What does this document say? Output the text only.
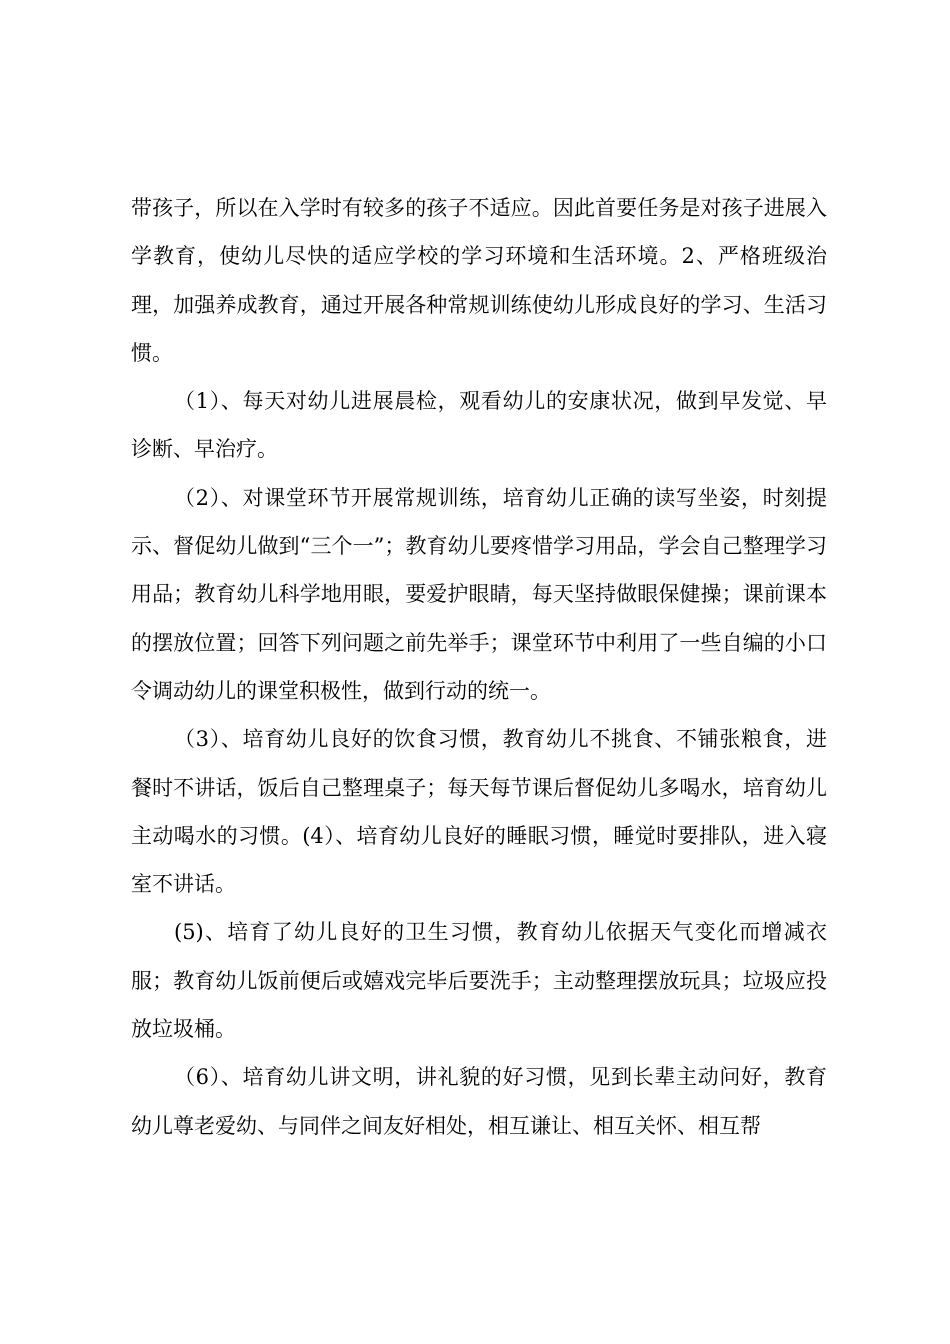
带孩子，所以在入学时有较多的孩子不适应。因此首要任务是对孩子进展入学教育，使幼儿尽快的适应学校的学习环境和生活环境。2、严格班级治理，加强养成教育，通过开展各种常规训练使幼儿形成良好的学习、生活习惯。

（1）、每天对幼儿进展晨检，观看幼儿的安康状况，做到早发觉、早诊断、早治疗。

（2）、对课堂环节开展常规训练，培育幼儿正确的读写坐姿，时刻提示、督促幼儿做到“三个一”；教育幼儿要疼惜学习用品，学会自己整理学习用品；教育幼儿科学地用眼，要爱护眼睛，每天坚持做眼保健操；课前课本的摆放位置；回答下列问题之前先举手；课堂环节中利用了一些自编的小口令调动幼儿的课堂积极性，做到行动的统一。

（3）、培育幼儿良好的饮食习惯，教育幼儿不挑食、不铺张粮食，进餐时不讲话，饭后自己整理桌子；每天每节课后督促幼儿多喝水，培育幼儿主动喝水的习惯。(4）、培育幼儿良好的睡眠习惯，睡觉时要排队，进入寝室不讲话。

(5)、培育了幼儿良好的卫生习惯，教育幼儿依据天气变化而增减衣服；教育幼儿饭前便后或嬉戏完毕后要洗手；主动整理摆放玩具；垃圾应投放垃圾桶。

（6）、培育幼儿讲文明，讲礼貌的好习惯，见到长辈主动问好，教育幼儿尊老爱幼、与同伴之间友好相处，相互谦让、相互关怀、相互帮
